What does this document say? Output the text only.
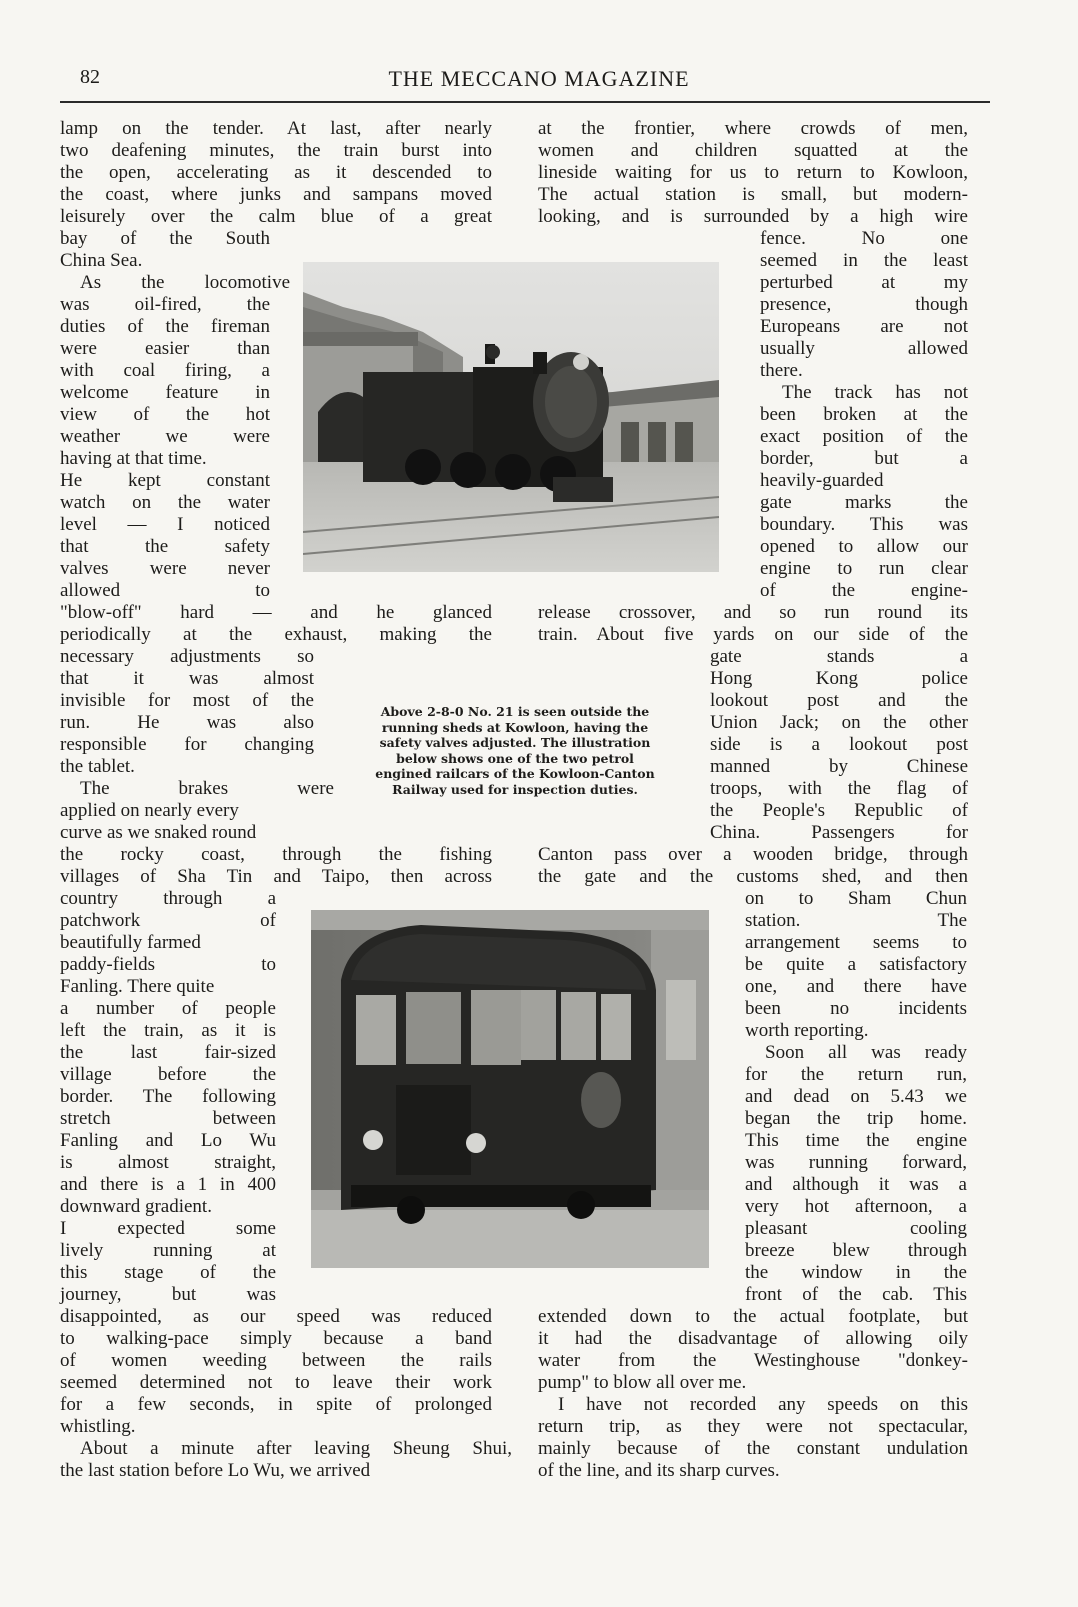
82	THE MECCANO MAGAZINE
lamp on the tender. At last, after nearly
two deafening minutes, the train burst into
the open, accelerating as it descended to
the coast, where junks and sampans moved
leisurely over the calm blue of a great
bay of the South
China Sea.
As the locomotive
was oil-fired, the
duties of the fireman
were easier than
with coal firing, a
welcome feature in
view of the hot
weather we were
having at that time.
He kept constant
watch on the water
level — I noticed
that the safety
valves were never
allowed to
"blow-off" hard — and he glanced
periodically at the exhaust, making the
necessary adjustments so
that it was almost
invisible for most of the
run. He was also
responsible for changing
the tablet.
The brakes were
applied on nearly every
curve as we snaked round
the rocky coast, through the fishing
villages of Sha Tin and Taipo, then across
country through a
patchwork of
beautifully farmed
paddy-fields to
Fanling. There quite
a number of people
left the train, as it is
the last fair-sized
village before the
border. The following
stretch between
Fanling and Lo Wu
is almost straight,
and there is a 1 in 400
downward gradient.
I expected some
lively running at
this stage of the
journey, but was
disappointed, as our speed was reduced
to walking-pace simply because a band
of women weeding between the rails
seemed determined not to leave their work
for a few seconds, in spite of prolonged
whistling.
About a minute after leaving Sheung Shui,
the last station before Lo Wu, we arrived
at the frontier, where crowds of men,
women and children squatted at the
lineside waiting for us to return to Kowloon,
The actual station is small, but modern-
looking, and is surrounded by a high wire
fence. No one
seemed in the least
perturbed at my
presence, though
Europeans are not
usually allowed
there.
The track has not
been broken at the
exact position of the
border, but a
heavily-guarded
gate marks the
boundary. This was
opened to allow our
engine to run clear
of the engine-
release crossover, and so run round its
train. About five yards on our side of the
gate stands a
Hong Kong police
lookout post and the
Union Jack; on the other
side is a lookout post
manned by Chinese
troops, with the flag of
the People's Republic of
China. Passengers for
Canton pass over a wooden bridge, through
the gate and the customs shed, and then
on to Sham Chun
station. The
arrangement seems to
be quite a satisfactory
one, and there have
been no incidents
worth reporting.
Soon all was ready
for the return run,
and dead on 5.43 we
began the trip home.
This time the engine
was running forward,
and although it was a
very hot afternoon, a
pleasant cooling
breeze blew through
the window in the
front of the cab. This
extended down to the actual footplate, but
it had the disadvantage of allowing oily
water from the Westinghouse "donkey-
pump" to blow all over me.
I have not recorded any speeds on this
return trip, as they were not spectacular,
mainly because of the constant undulation
of the line, and its sharp curves.
Above 2-8-0 No. 21 is seen outside the
running sheds at Kowloon, having the
safety valves adjusted. The illustration
below shows one of the two petrol
engined railcars of the Kowloon-Canton
Railway used for inspection duties.
